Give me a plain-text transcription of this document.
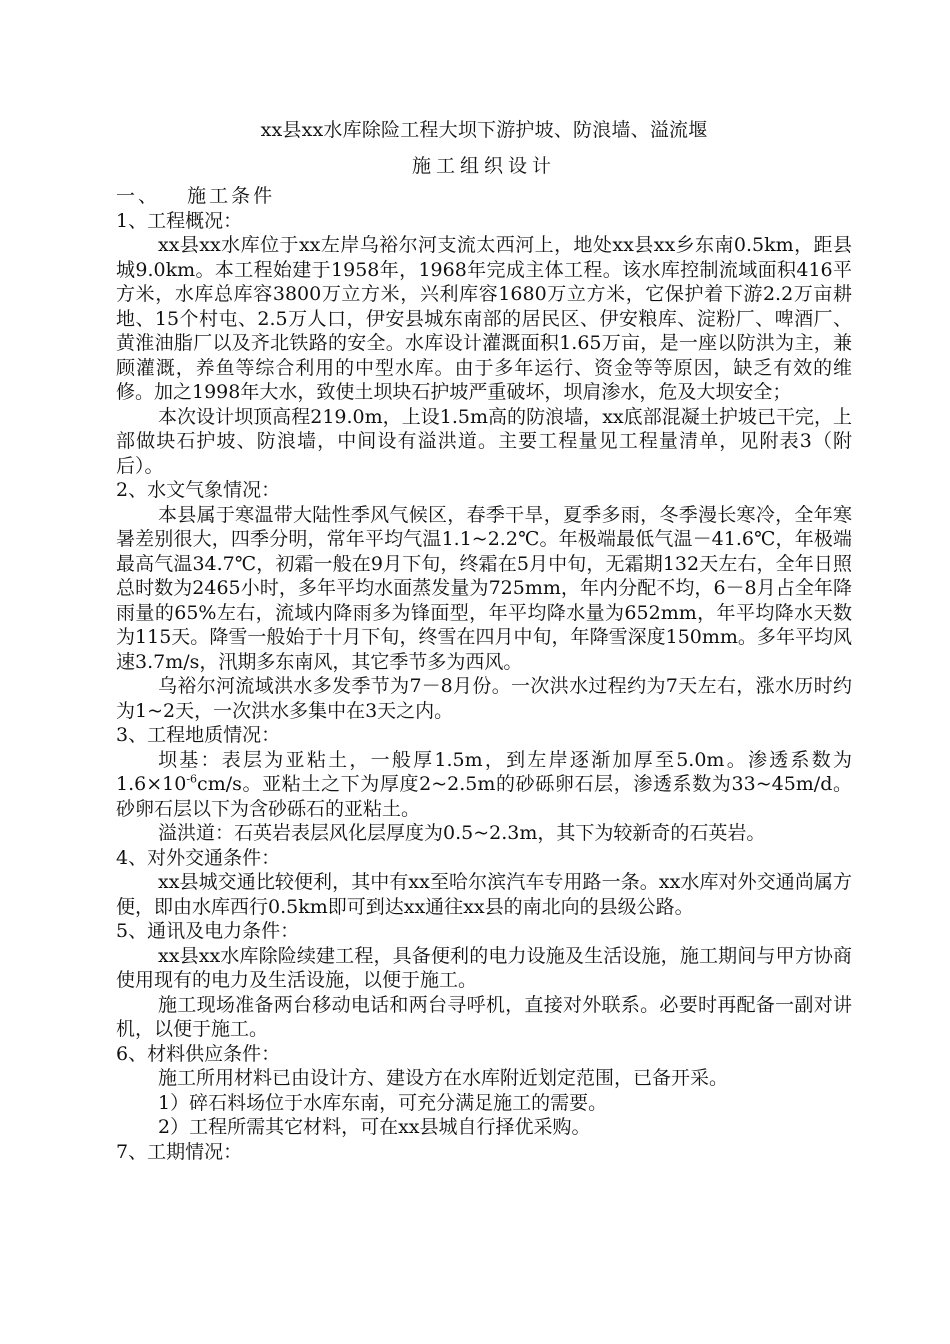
xx县xx水库除险工程大坝下游护坡、防浪墙、溢流堰

施工组织设计

一、   施工条件

1、工程概况：

xx县xx水库位于xx左岸乌裕尔河支流太西河上，地处xx县xx乡东南0.5km，距县城9.0km。本工程始建于1958年，1968年完成主体工程。该水库控制流域面积416平方米，水库总库容3800万立方米，兴利库容1680万立方米，它保护着下游2.2万亩耕地、15个村屯、2.5万人口，伊安县城东南部的居民区、伊安粮库、淀粉厂、啤酒厂、黄淮油脂厂以及齐北铁路的安全。水库设计灌溉面积1.65万亩，是一座以防洪为主，兼顾灌溉，养鱼等综合利用的中型水库。由于多年运行、资金等等原因，缺乏有效的维修。加之1998年大水，致使土坝块石护坡严重破坏，坝肩渗水，危及大坝安全；

本次设计坝顶高程219.0m，上设1.5m高的防浪墙，xx底部混凝土护坡已干完，上部做块石护坡、防浪墙，中间设有溢洪道。主要工程量见工程量清单，见附表3（附后）。

2、水文气象情况：

本县属于寒温带大陆性季风气候区，春季干旱，夏季多雨，冬季漫长寒冷，全年寒暑差别很大，四季分明，常年平均气温1.1~2.2℃。年极端最低气温－41.6℃，年极端最高气温34.7℃，初霜一般在9月下旬，终霜在5月中旬，无霜期132天左右，全年日照总时数为2465小时，多年平均水面蒸发量为725mm，年内分配不均，6－8月占全年降雨量的65%左右，流域内降雨多为锋面型，年平均降水量为652mm，年平均降水天数为115天。降雪一般始于十月下旬，终雪在四月中旬，年降雪深度150mm。多年平均风速3.7m/s，汛期多东南风，其它季节多为西风。

乌裕尔河流域洪水多发季节为7－8月份。一次洪水过程约为7天左右，涨水历时约为1~2天，一次洪水多集中在3天之内。

3、工程地质情况：

坝基：表层为亚粘土，一般厚1.5m，到左岸逐渐加厚至5.0m。渗透系数为$1.6\times 10^{-6}cm/s$。亚粘土之下为厚度2~2.5m的砂砾卵石层，渗透系数为33~45m/d。砂卵石层以下为含砂砾石的亚粘土。

溢洪道：石英岩表层风化层厚度为0.5~2.3m，其下为较新奇的石英岩。

4、对外交通条件：

xx县城交通比较便利，其中有xx至哈尔滨汽车专用路一条。xx水库对外交通尚属方便，即由水库西行0.5km即可到达xx通往xx县的南北向的县级公路。

5、通讯及电力条件：

xx县xx水库除险续建工程，具备便利的电力设施及生活设施，施工期间与甲方协商使用现有的电力及生活设施，以便于施工。

施工现场准备两台移动电话和两台寻呼机，直接对外联系。必要时再配备一副对讲机，以便于施工。

6、材料供应条件：

施工所用材料已由设计方、建设方在水库附近划定范围，已备开采。

1）碎石料场位于水库东南，可充分满足施工的需要。

2）工程所需其它材料，可在xx县城自行择优采购。

7、工期情况：
